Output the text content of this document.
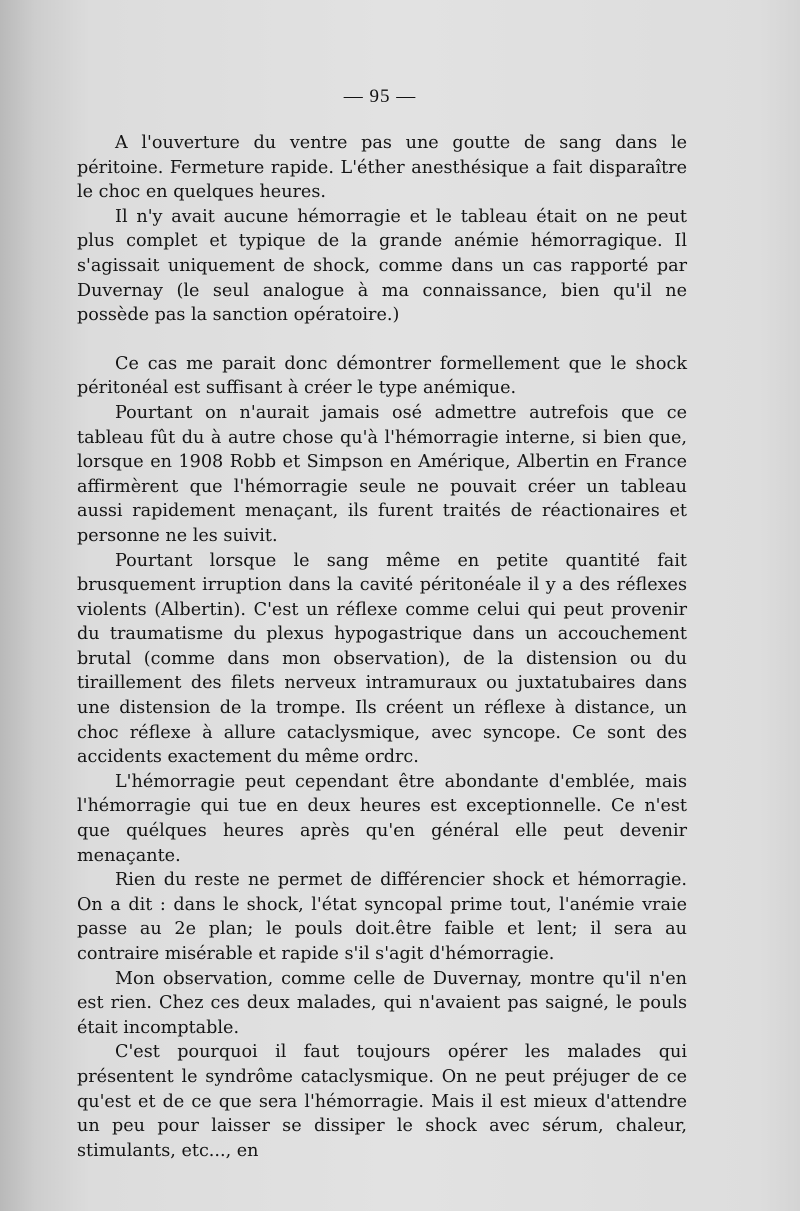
— 95 —

A l'ouverture du ventre pas une goutte de sang dans le péritoine. Fermeture rapide. L'éther anesthésique a fait disparaître le choc en quelques heures.

Il n'y avait aucune hémorragie et le tableau était on ne peut plus complet et typique de la grande anémie hémorragique. Il s'agissait uniquement de shock, comme dans un cas rapporté par Duvernay (le seul analogue à ma connaissance, bien qu'il ne possède pas la sanction opératoire.)

Ce cas me parait donc démontrer formellement que le shock péritonéal est suffisant à créer le type anémique.

Pourtant on n'aurait jamais osé admettre autrefois que ce tableau fût du à autre chose qu'à l'hémorragie interne, si bien que, lorsque en 1908 Robb et Simpson en Amérique, Albertin en France affirmèrent que l'hémorragie seule ne pouvait créer un tableau aussi rapidement menaçant, ils furent traités de réactionaires et personne ne les suivit.

Pourtant lorsque le sang même en petite quantité fait brusquement irruption dans la cavité péritonéale il y a des réflexes violents (Albertin). C'est un réflexe comme celui qui peut provenir du traumatisme du plexus hypogastrique dans un accouchement brutal (comme dans mon observation), de la distension ou du tiraillement des filets nerveux intramuraux ou juxtatubaires dans une distension de la trompe. Ils créent un réflexe à distance, un choc réflexe à allure cataclysmique, avec syncope. Ce sont des accidents exactement du même ordrc.

L'hémorragie peut cependant être abondante d'emblée, mais l'hémorragie qui tue en deux heures est exceptionnelle. Ce n'est que quélques heures après qu'en général elle peut devenir menaçante.

Rien du reste ne permet de différencier shock et hémorragie. On a dit : dans le shock, l'état syncopal prime tout, l'anémie vraie passe au 2e plan; le pouls doit.être faible et lent; il sera au contraire misérable et rapide s'il s'agit d'hémorragie.

Mon observation, comme celle de Duvernay, montre qu'il n'en est rien. Chez ces deux malades, qui n'avaient pas saigné, le pouls était incomptable.

C'est pourquoi il faut toujours opérer les malades qui présentent le syndrôme cataclysmique. On ne peut préjuger de ce qu'est et de ce que sera l'hémorragie. Mais il est mieux d'attendre un peu pour laisser se dissiper le shock avec sérum, chaleur, stimulants, etc..., en
